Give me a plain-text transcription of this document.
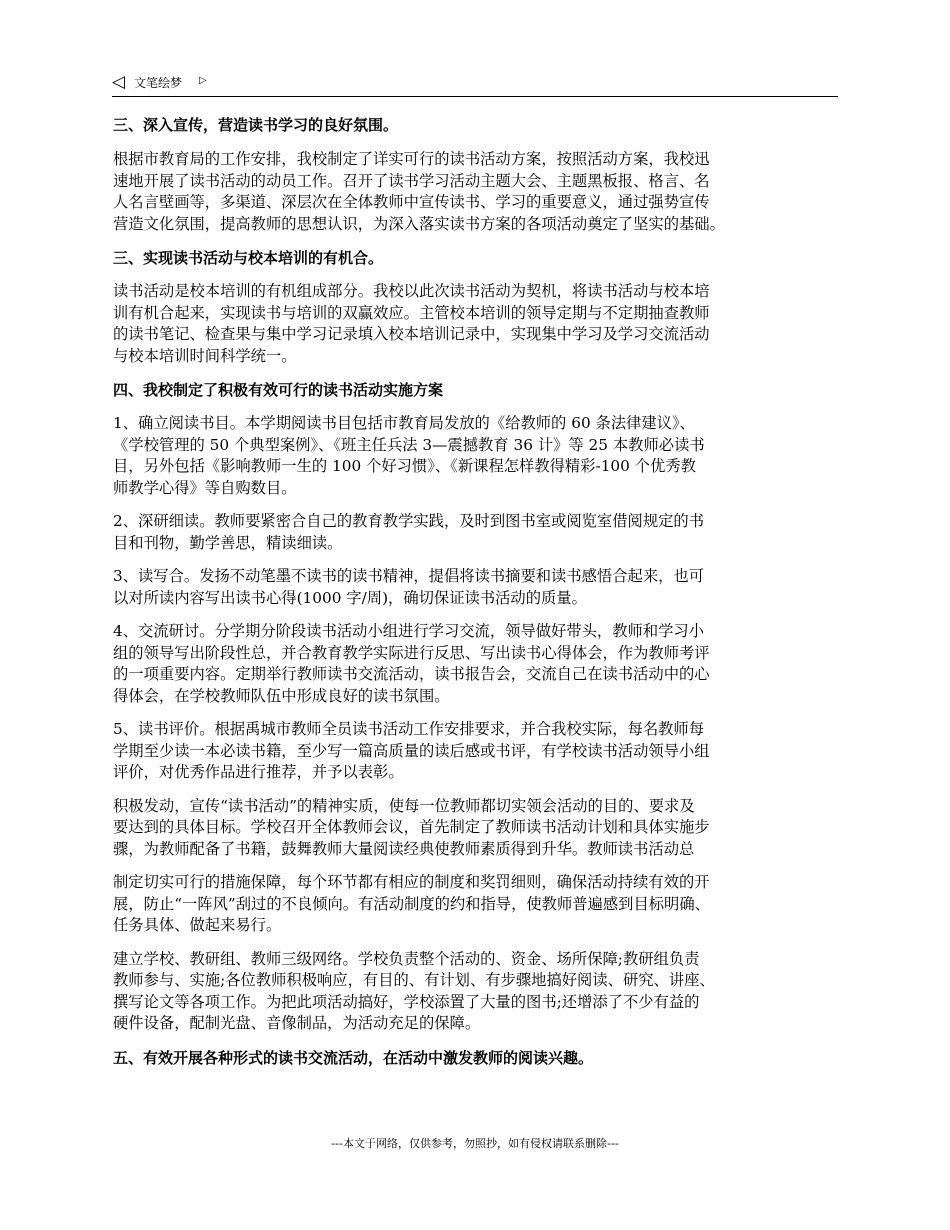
◁ 文笔绘梦 ▷
三、深入宣传，营造读书学习的良好氛围。

根据市教育局的工作安排，我校制定了详实可行的读书活动方案，按照活动方案，我校迅

速地开展了读书活动的动员工作。召开了读书学习活动主题大会、主题黑板报、格言、名

人名言壁画等，多渠道、深层次在全体教师中宣传读书、学习的重要意义，通过强势宣传

营造文化氛围，提高教师的思想认识，为深入落实读书方案的各项活动奠定了坚实的基础。

三、实现读书活动与校本培训的有机合。

读书活动是校本培训的有机组成部分。我校以此次读书活动为契机，将读书活动与校本培

训有机合起来，实现读书与培训的双赢效应。主管校本培训的领导定期与不定期抽查教师

的读书笔记、检查果与集中学习记录填入校本培训记录中，实现集中学习及学习交流活动

与校本培训时间科学统一。

四、我校制定了积极有效可行的读书活动实施方案

1、确立阅读书目。本学期阅读书目包括市教育局发放的《给教师的 60 条法律建议》、

《学校管理的 50 个典型案例》、《班主任兵法 3—震撼教育 36 计》等 25 本教师必读书

目，另外包括《影响教师一生的 100 个好习惯》、《新课程怎样教得精彩-100 个优秀教

师教学心得》等自购数目。

2、深研细读。教师要紧密合自己的教育教学实践，及时到图书室或阅览室借阅规定的书

目和刊物，勤学善思，精读细读。

3、读写合。发扬不动笔墨不读书的读书精神，提倡将读书摘要和读书感悟合起来，也可

以对所读内容写出读书心得(1000 字/周)，确切保证读书活动的质量。

4、交流研讨。分学期分阶段读书活动小组进行学习交流，领导做好带头，教师和学习小

组的领导写出阶段性总，并合教育教学实际进行反思、写出读书心得体会，作为教师考评

的一项重要内容。定期举行教师读书交流活动，读书报告会，交流自己在读书活动中的心

得体会，在学校教师队伍中形成良好的读书氛围。

5、读书评价。根据禹城市教师全员读书活动工作安排要求，并合我校实际，每名教师每

学期至少读一本必读书籍，至少写一篇高质量的读后感或书评，有学校读书活动领导小组

评价，对优秀作品进行推荐，并予以表彰。

积极发动，宣传“读书活动”的精神实质，使每一位教师都切实领会活动的目的、要求及

要达到的具体目标。学校召开全体教师会议，首先制定了教师读书活动计划和具体实施步

骤，为教师配备了书籍，鼓舞教师大量阅读经典使教师素质得到升华。教师读书活动总

制定切实可行的措施保障，每个环节都有相应的制度和奖罚细则，确保活动持续有效的开

展，防止“一阵风”刮过的不良倾向。有活动制度的约和指导，使教师普遍感到目标明确、

任务具体、做起来易行。

建立学校、教研组、教师三级网络。学校负责整个活动的、资金、场所保障;教研组负责

教师参与、实施;各位教师积极响应，有目的、有计划、有步骤地搞好阅读、研究、讲座、

撰写论文等各项工作。为把此项活动搞好，学校添置了大量的图书;还增添了不少有益的

硬件设备，配制光盘、音像制品，为活动充足的保障。

五、有效开展各种形式的读书交流活动，在活动中激发教师的阅读兴趣。
---本文于网络，仅供参考，勿照抄，如有侵权请联系删除---
